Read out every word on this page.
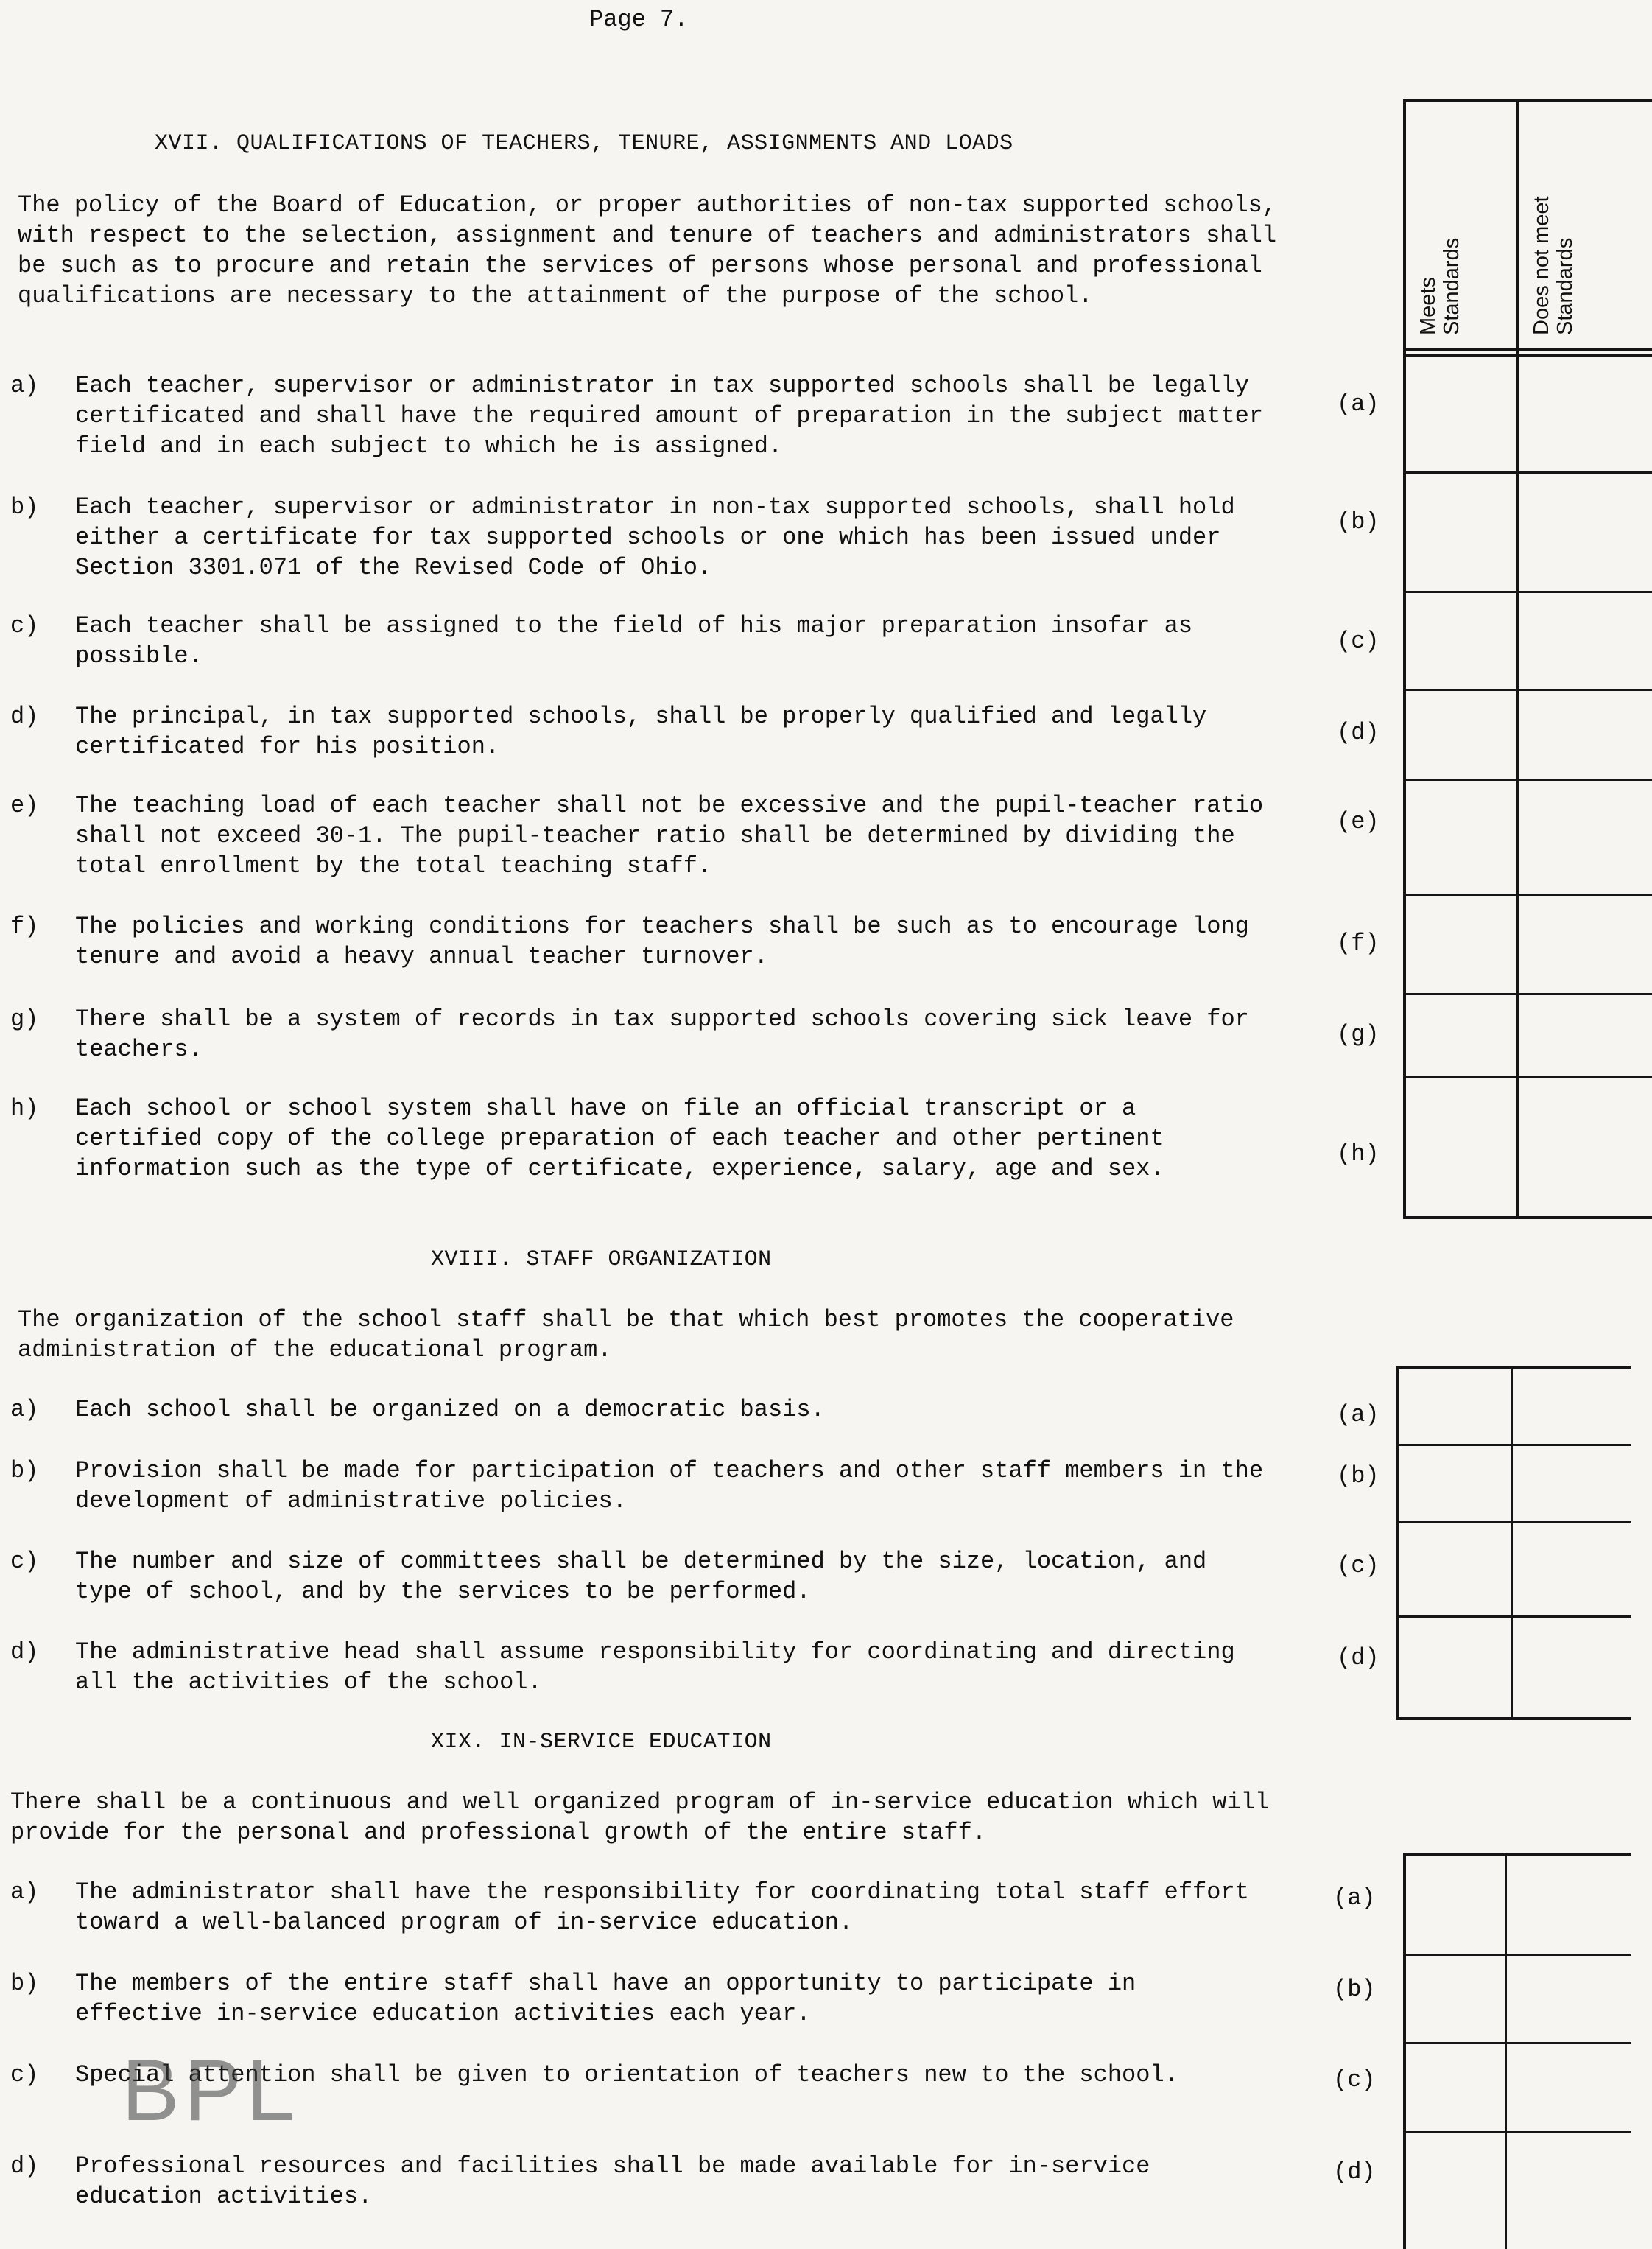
Page 7.
XVII. QUALIFICATIONS OF TEACHERS, TENURE, ASSIGNMENTS AND LOADS

The policy of the Board of Education, or proper authorities of non-tax supported schools, with respect to the selection, assignment and tenure of teachers and administrators shall be such as to procure and retain the services of persons whose personal and professional qualifications are necessary to the attainment of the purpose of the school.

a) Each teacher, supervisor or administrator in tax supported schools shall be legally certificated and shall have the required amount of preparation in the subject matter field and in each subject to which he is assigned.
b) Each teacher, supervisor or administrator in non-tax supported schools, shall hold either a certificate for tax supported schools or one which has been issued under Section 3301.071 of the Revised Code of Ohio.
c) Each teacher shall be assigned to the field of his major preparation insofar as possible.
d) The principal, in tax supported schools, shall be properly qualified and legally certificated for his position.
e) The teaching load of each teacher shall not be excessive and the pupil-teacher ratio shall not exceed 30-1. The pupil-teacher ratio shall be determined by dividing the total enrollment by the total teaching staff.
f) The policies and working conditions for teachers shall be such as to encourage long tenure and avoid a heavy annual teacher turnover.
g) There shall be a system of records in tax supported schools covering sick leave for teachers.
h) Each school or school system shall have on file an official transcript or a certified copy of the college preparation of each teacher and other pertinent information such as the type of certificate, experience, salary, age and sex.
(a)
(b)
(c)
(d)
(e)
(f)
(g)
(h)
Meets Standards	Does not meet Standards
XVIII. STAFF ORGANIZATION

The organization of the school staff shall be that which best promotes the cooperative administration of the educational program.

a) Each school shall be organized on a democratic basis.
b) Provision shall be made for participation of teachers and other staff members in the development of administrative policies.
c) The number and size of committees shall be determined by the size, location, and type of school, and by the services to be performed.
d) The administrative head shall assume responsibility for coordinating and directing all the activities of the school.
(a)
(b)
(c)
(d)
XIX. IN-SERVICE EDUCATION

There shall be a continuous and well organized program of in-service education which will provide for the personal and professional growth of the entire staff.

a) The administrator shall have the responsibility for coordinating total staff effort toward a well-balanced program of in-service education.
b) The members of the entire staff shall have an opportunity to participate in effective in-service education activities each year.
c) Special attention shall be given to orientation of teachers new to the school.
d) Professional resources and facilities shall be made available for in-service education activities.
(a)
(b)
(c)
(d)
BPL
